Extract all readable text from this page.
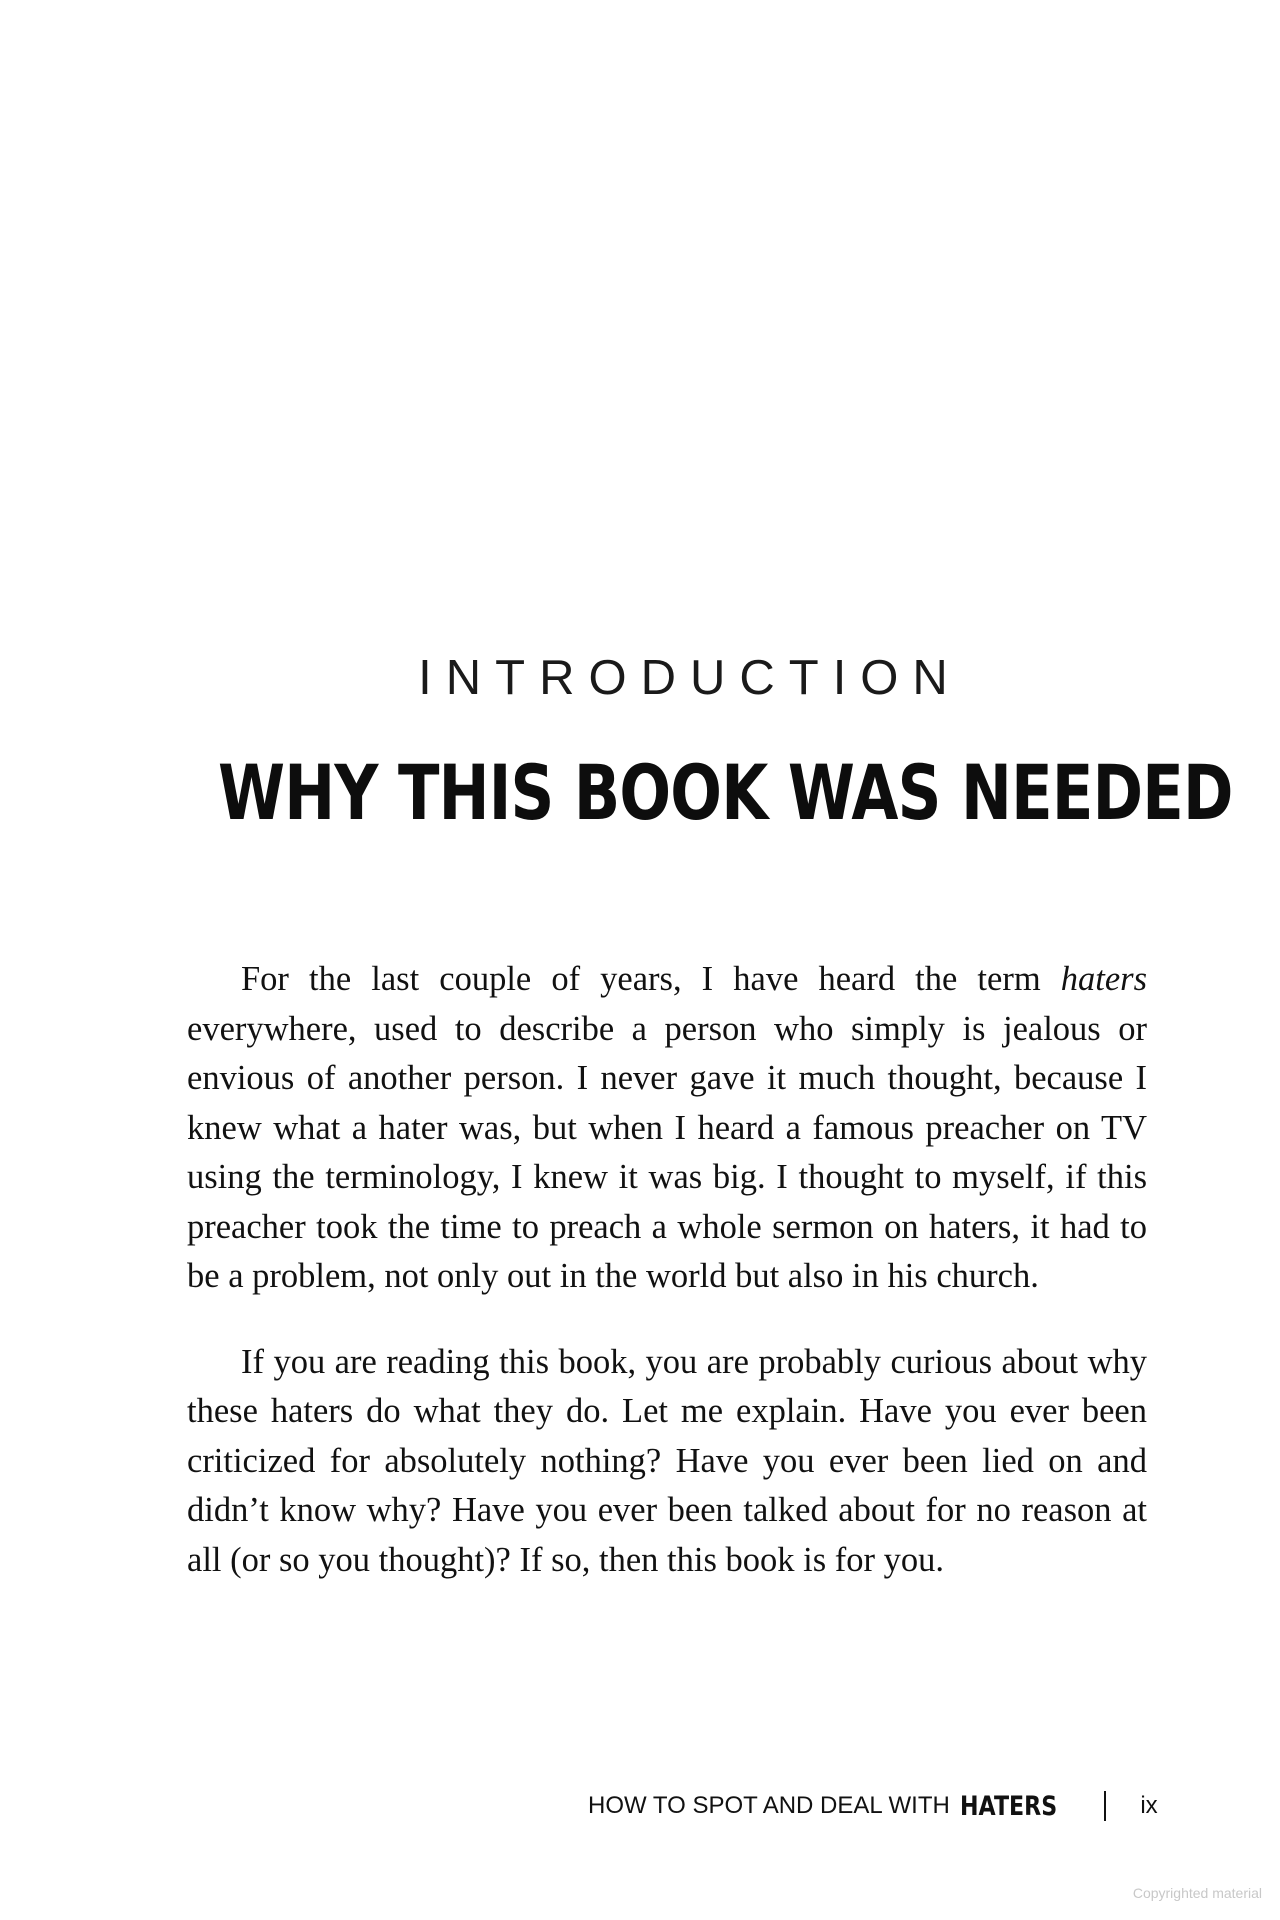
INTRODUCTION
WHY THIS BOOK WAS NEEDED

For the last couple of years, I have heard the term haters everywhere, used to describe a person who simply is jealous or envious of another person. I never gave it much thought, because I knew what a hater was, but when I heard a famous preacher on TV using the terminology, I knew it was big. I thought to myself, if this preacher took the time to preach a whole sermon on haters, it had to be a problem, not only out in the world but also in his church.

If you are reading this book, you are probably curious about why these haters do what they do. Let me explain. Have you ever been criticized for absolutely nothing? Have you ever been lied on and didn’t know why? Have you ever been talked about for no reason at all (or so you thought)? If so, then this book is for you.

HOW TO SPOT AND DEAL WITH HATERS	ix
Copyrighted material
